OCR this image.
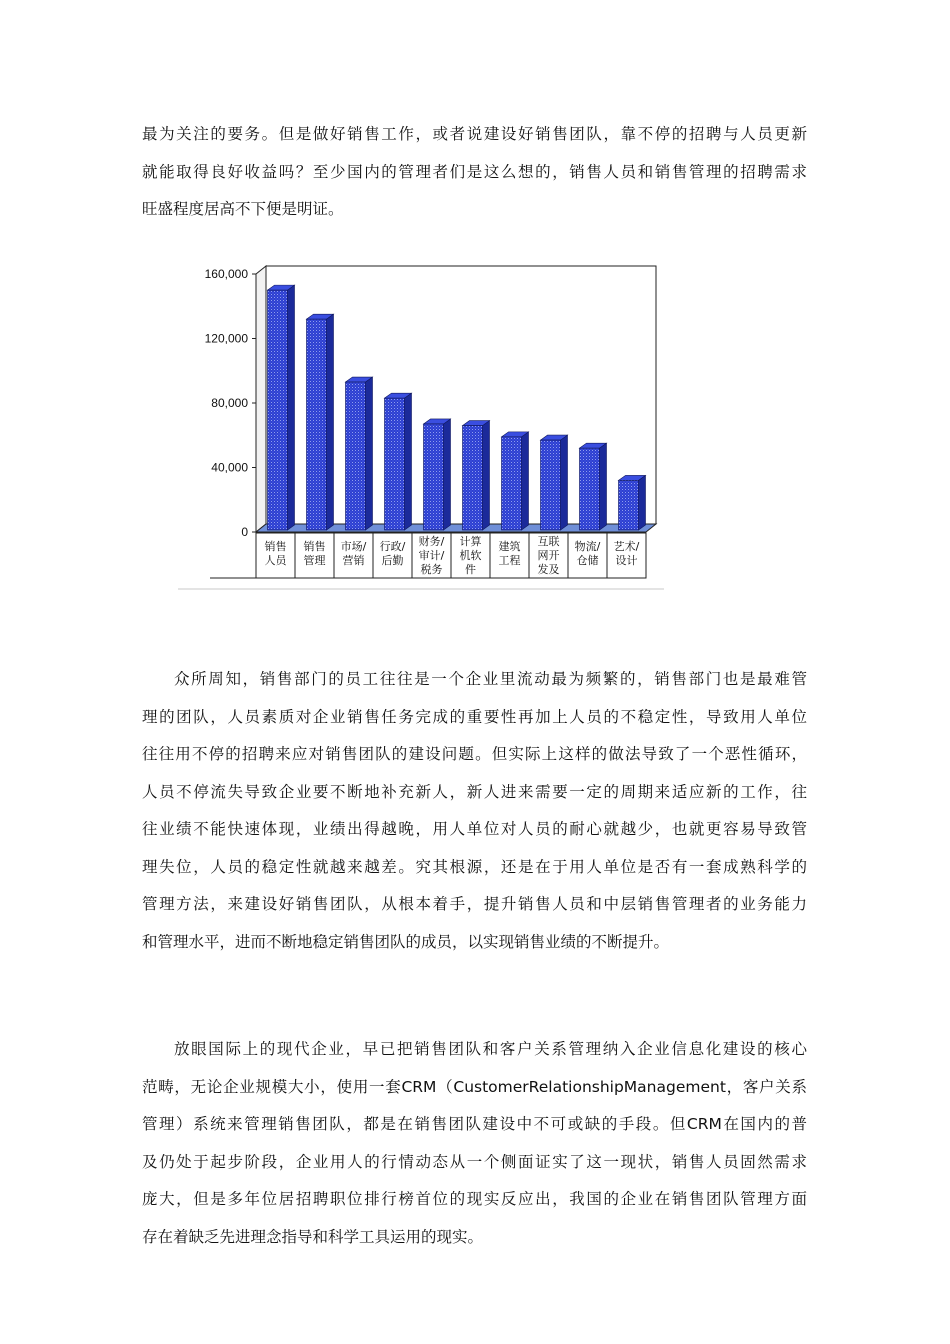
最为关注的要务。但是做好销售工作，或者说建设好销售团队，靠不停的招聘与人员更新
就能取得良好收益吗？至少国内的管理者们是这么想的，销售人员和销售管理的招聘需求
旺盛程度居高不下便是明证。
0
40,000
80,000
120,000
160,000
销售
人员
销售
管理
市场/
营销
行政/
后勤
财务/
审计/
税务
计算
机软
件
建筑
工程
互联
网开
发及
物流/
仓储
艺术/
设计
众所周知，销售部门的员工往往是一个企业里流动最为频繁的，销售部门也是最难管
理的团队，人员素质对企业销售任务完成的重要性再加上人员的不稳定性，导致用人单位
往往用不停的招聘来应对销售团队的建设问题。但实际上这样的做法导致了一个恶性循环，
人员不停流失导致企业要不断地补充新人，新人进来需要一定的周期来适应新的工作，往
往业绩不能快速体现，业绩出得越晚，用人单位对人员的耐心就越少，也就更容易导致管
理失位，人员的稳定性就越来越差。究其根源，还是在于用人单位是否有一套成熟科学的
管理方法，来建设好销售团队，从根本着手，提升销售人员和中层销售管理者的业务能力
和管理水平，进而不断地稳定销售团队的成员，以实现销售业绩的不断提升。
放眼国际上的现代企业，早已把销售团队和客户关系管理纳入企业信息化建设的核心
范畴，无论企业规模大小，使用一套CRM（CustomerRelationshipManagement，客户关系
管理）系统来管理销售团队，都是在销售团队建设中不可或缺的手段。但CRM在国内的普
及仍处于起步阶段，企业用人的行情动态从一个侧面证实了这一现状，销售人员固然需求
庞大，但是多年位居招聘职位排行榜首位的现实反应出，我国的企业在销售团队管理方面
存在着缺乏先进理念指导和科学工具运用的现实。
